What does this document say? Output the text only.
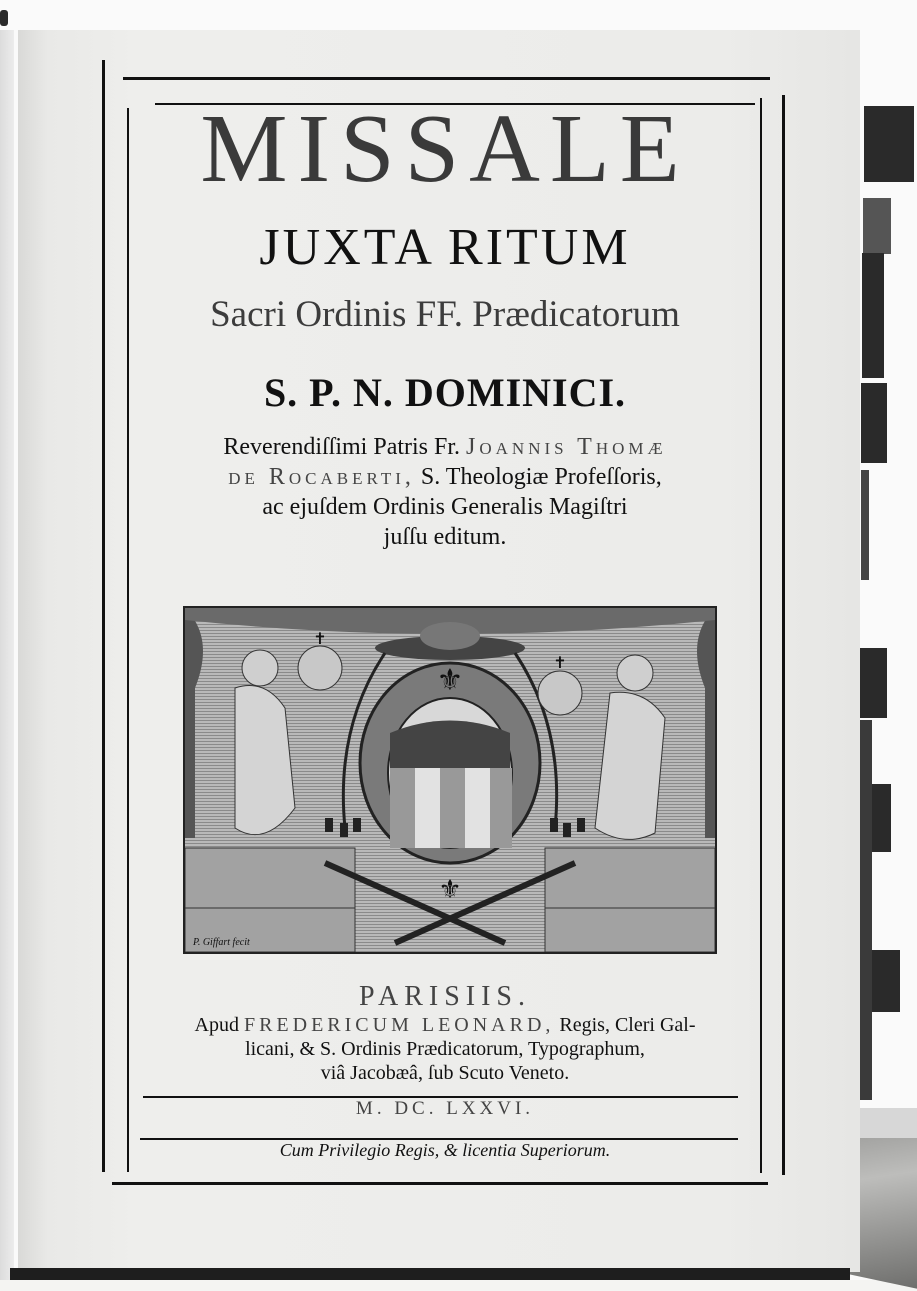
MISSALE
JUXTA RITUM
Sacri Ordinis FF. Prædicatorum
S. P. N. DOMINICI.
Reverendiſſimi Patris Fr. Joannis Thomæ
de Rocaberti, S. Theologiæ Profeſſoris,
ac ejuſdem Ordinis Generalis Magiſtri
juſſu editum.
⚜
⚜
✝
✝
P. Giffart fecit
PARISIIS.
Apud FREDERICUM LEONARD, Regis, Cleri Gal-
licani, & S. Ordinis Prædicatorum, Typographum,
viâ Jacobæâ, ſub Scuto Veneto.
M. DC. LXXVI.
Cum Privilegio Regis, & licentia Superiorum.
